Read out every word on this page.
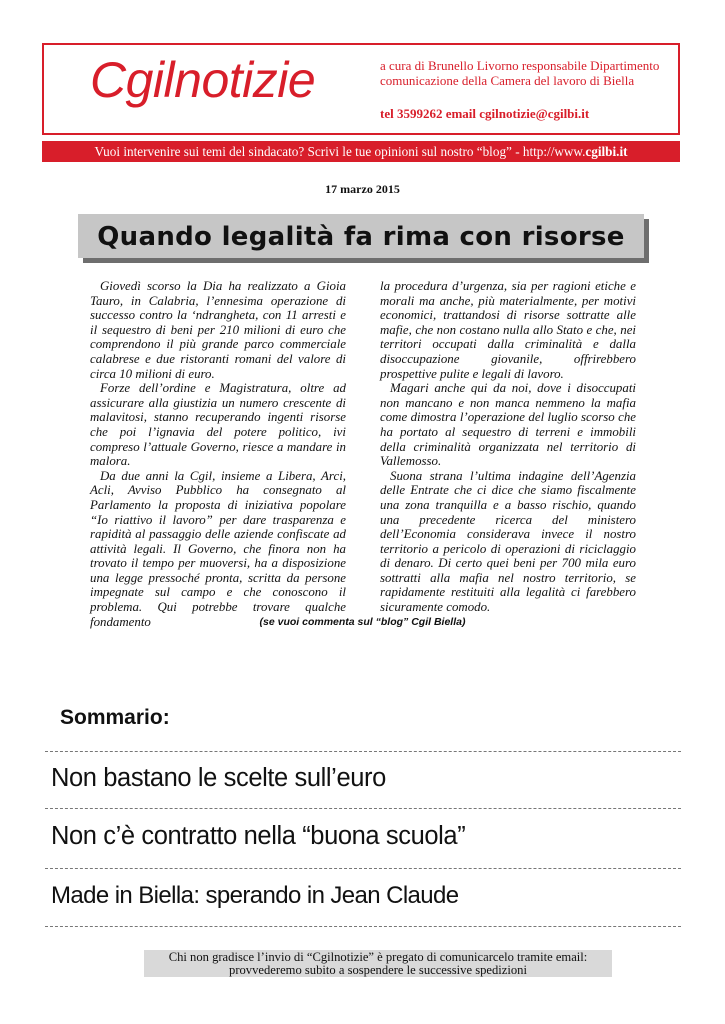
Cgilnotizie	a cura di Brunello Livorno responsabile Dipartimento comunicazione della Camera del lavoro di Biella
tel 3599262 email cgilnotizie@cgilbi.it
Vuoi intervenire sui temi del sindacato? Scrivi le tue opinioni sul nostro “blog” - http://www.cgilbi.it
17 marzo 2015
Quando legalità fa rima con risorse

Giovedì scorso la Dia ha realizzato a Gioia Tauro, in Calabria, l’ennesima operazione di successo contro la ‘ndrangheta, con 11 arresti e il sequestro di beni per 210 milioni di euro che comprendono il più grande parco commerciale calabrese e due ristoranti romani del valore di circa 10 milioni di euro.

Forze dell’ordine e Magistratura, oltre ad assicurare alla giustizia un numero crescente di malavitosi, stanno recuperando ingenti risorse che poi l’ignavia del potere politico, ivi compreso l’attuale Governo, riesce a mandare in malora.

Da due anni la Cgil, insieme a Libera, Arci, Acli, Avviso Pubblico ha consegnato al Parlamento la proposta di iniziativa popolare “Io riattivo il lavoro” per dare trasparenza e rapidità al passaggio delle aziende confiscate ad attività legali. Il Governo, che finora non ha trovato il tempo per muoversi, ha a disposizione una legge pressoché pronta, scritta da persone impegnate sul campo e che conoscono il problema. Qui potrebbe trovare qualche fondamento

la procedura d’urgenza, sia per ragioni etiche e morali ma anche, più materialmente, per motivi economici, trattandosi di risorse sottratte alle mafie, che non costano nulla allo Stato e che, nei territori occupati dalla criminalità e dalla disoccupazione giovanile, offrirebbero prospettive pulite e legali di lavoro.

Magari anche qui da noi, dove i disoccupati non mancano e non manca nemmeno la mafia come dimostra l’operazione del luglio scorso che ha portato al sequestro di terreni e immobili della criminalità organizzata nel territorio di Vallemosso.

Suona strana l’ultima indagine dell’Agenzia delle Entrate che ci dice che siamo fiscalmente una zona tranquilla e a basso rischio, quando una precedente ricerca del ministero dell’Economia considerava invece il nostro territorio a pericolo di operazioni di riciclaggio di denaro. Di certo quei beni per 700 mila euro sottratti alla mafia nel nostro territorio, se rapidamente restituiti alla legalità ci farebbero sicuramente comodo.

(se vuoi commenta sul “blog” Cgil Biella)
Sommario:
Non bastano le scelte sull’euro
Non c’è contratto nella “buona scuola”
Made in Biella: sperando in Jean Claude
Chi non gradisce l’invio di “Cgilnotizie” è pregato di comunicarcelo tramite email:
provvederemo subito a sospendere le successive spedizioni
